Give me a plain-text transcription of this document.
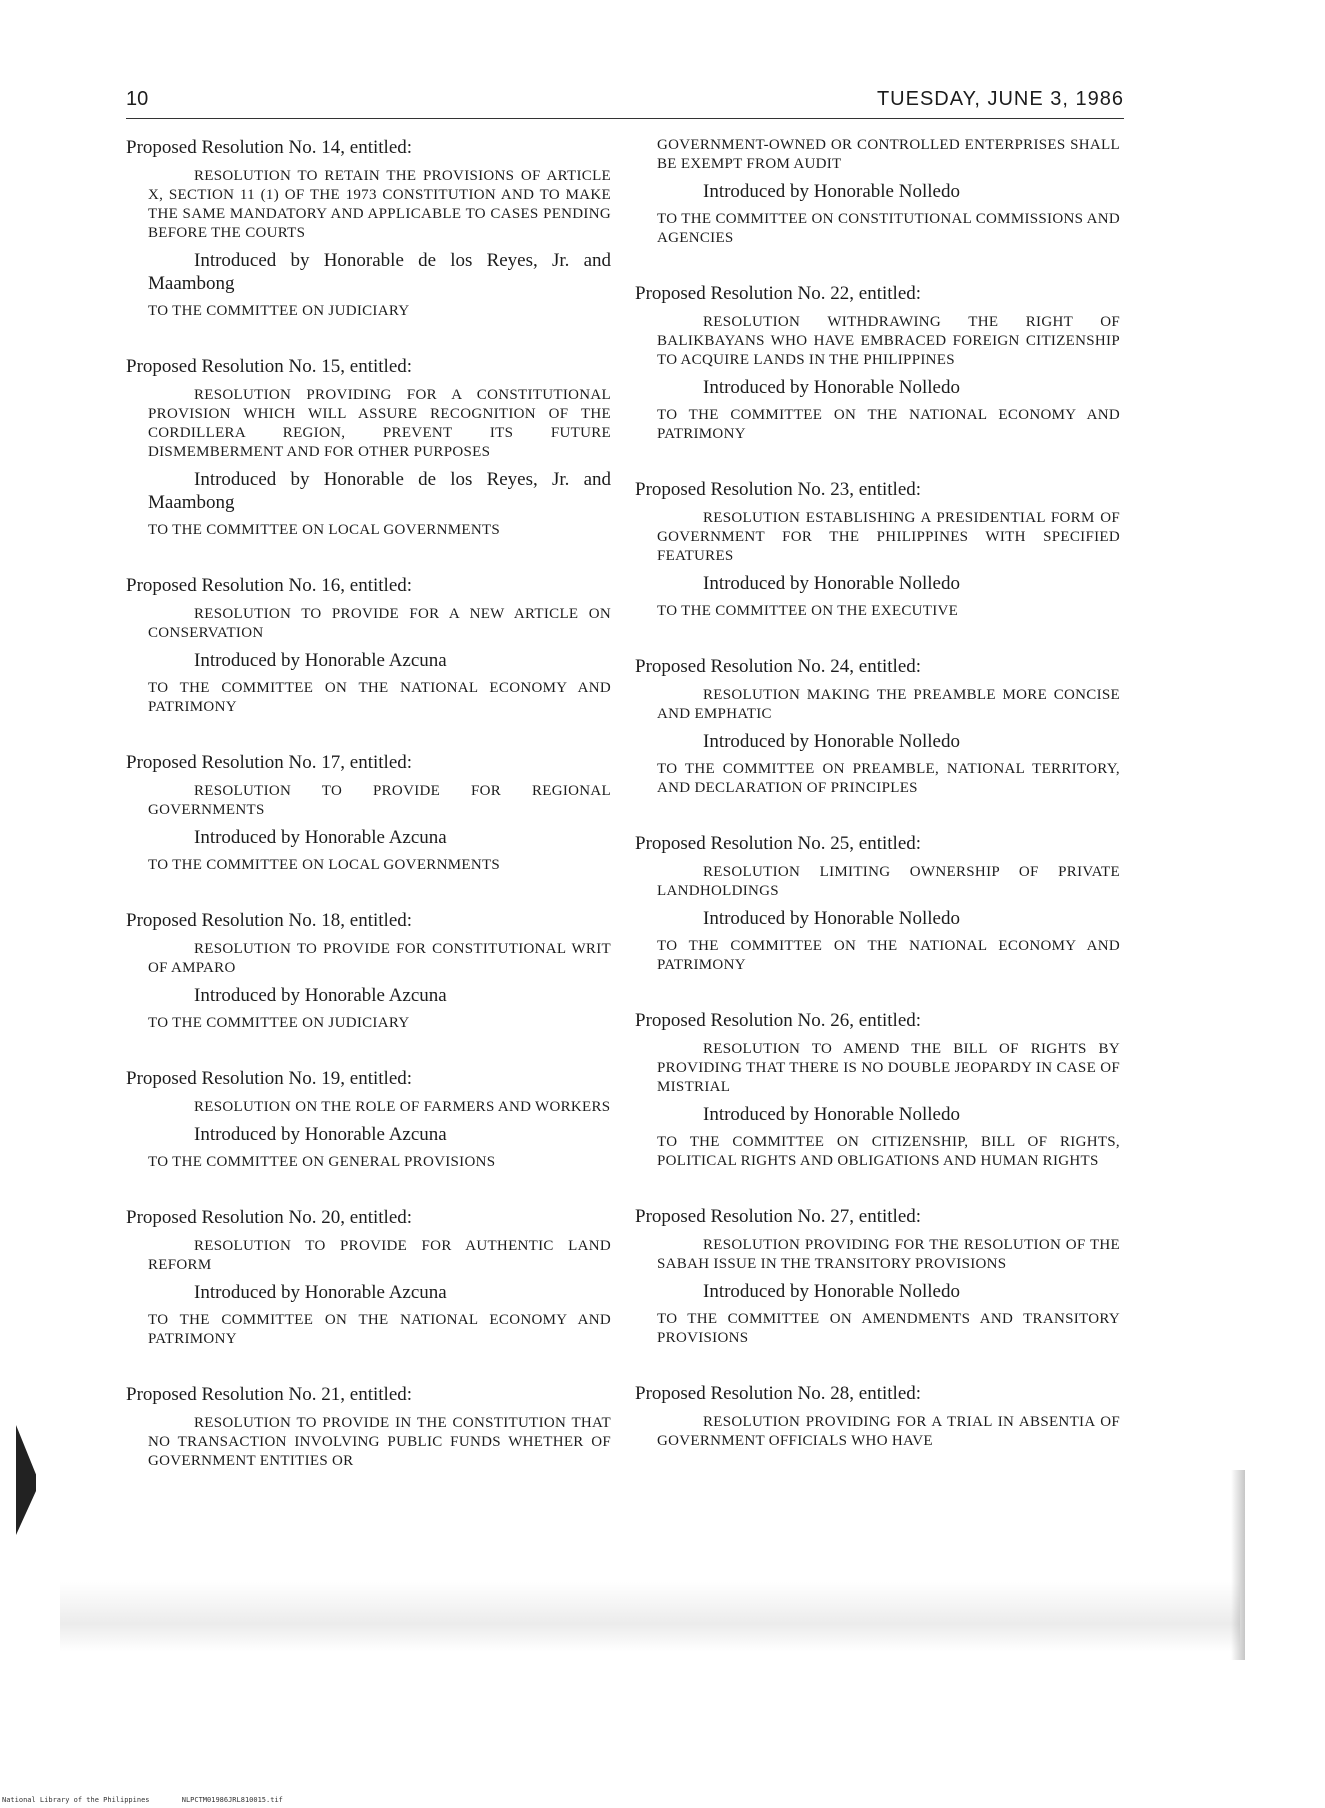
10	TUESDAY, JUNE 3, 1986

Proposed Resolution No. 14, entitled:

RESOLUTION TO RETAIN THE PROVISIONS OF ARTICLE X, SECTION 11 (1) OF THE 1973 CONSTITUTION AND TO MAKE THE SAME MANDATORY AND APPLICABLE TO CASES PENDING BEFORE THE COURTS

Introduced by Honorable de los Reyes, Jr. and Maambong

TO THE COMMITTEE ON JUDICIARY

Proposed Resolution No. 15, entitled:

RESOLUTION PROVIDING FOR A CONSTITUTIONAL PROVISION WHICH WILL ASSURE RECOGNITION OF THE CORDILLERA REGION, PREVENT ITS FUTURE DISMEMBERMENT AND FOR OTHER PURPOSES

Introduced by Honorable de los Reyes, Jr. and Maambong

TO THE COMMITTEE ON LOCAL GOVERNMENTS

Proposed Resolution No. 16, entitled:

RESOLUTION TO PROVIDE FOR A NEW ARTICLE ON CONSERVATION

Introduced by Honorable Azcuna

TO THE COMMITTEE ON THE NATIONAL ECONOMY AND PATRIMONY

Proposed Resolution No. 17, entitled:

RESOLUTION TO PROVIDE FOR REGIONAL GOVERNMENTS

Introduced by Honorable Azcuna

TO THE COMMITTEE ON LOCAL GOVERNMENTS

Proposed Resolution No. 18, entitled:

RESOLUTION TO PROVIDE FOR CONSTITUTIONAL WRIT OF AMPARO

Introduced by Honorable Azcuna

TO THE COMMITTEE ON JUDICIARY

Proposed Resolution No. 19, entitled:

RESOLUTION ON THE ROLE OF FARMERS AND WORKERS

Introduced by Honorable Azcuna

TO THE COMMITTEE ON GENERAL PROVISIONS

Proposed Resolution No. 20, entitled:

RESOLUTION TO PROVIDE FOR AUTHENTIC LAND REFORM

Introduced by Honorable Azcuna

TO THE COMMITTEE ON THE NATIONAL ECONOMY AND PATRIMONY

Proposed Resolution No. 21, entitled:

RESOLUTION TO PROVIDE IN THE CONSTITUTION THAT NO TRANSACTION INVOLVING PUBLIC FUNDS WHETHER OF GOVERNMENT ENTITIES OR

GOVERNMENT-OWNED OR CONTROLLED ENTERPRISES SHALL BE EXEMPT FROM AUDIT

Introduced by Honorable Nolledo

TO THE COMMITTEE ON CONSTITUTIONAL COMMISSIONS AND AGENCIES

Proposed Resolution No. 22, entitled:

RESOLUTION WITHDRAWING THE RIGHT OF BALIKBAYANS WHO HAVE EMBRACED FOREIGN CITIZENSHIP TO ACQUIRE LANDS IN THE PHILIPPINES

Introduced by Honorable Nolledo

TO THE COMMITTEE ON THE NATIONAL ECONOMY AND PATRIMONY

Proposed Resolution No. 23, entitled:

RESOLUTION ESTABLISHING A PRESIDENTIAL FORM OF GOVERNMENT FOR THE PHILIPPINES WITH SPECIFIED FEATURES

Introduced by Honorable Nolledo

TO THE COMMITTEE ON THE EXECUTIVE

Proposed Resolution No. 24, entitled:

RESOLUTION MAKING THE PREAMBLE MORE CONCISE AND EMPHATIC

Introduced by Honorable Nolledo

TO THE COMMITTEE ON PREAMBLE, NATIONAL TERRITORY, AND DECLARATION OF PRINCIPLES

Proposed Resolution No. 25, entitled:

RESOLUTION LIMITING OWNERSHIP OF PRIVATE LANDHOLDINGS

Introduced by Honorable Nolledo

TO THE COMMITTEE ON THE NATIONAL ECONOMY AND PATRIMONY

Proposed Resolution No. 26, entitled:

RESOLUTION TO AMEND THE BILL OF RIGHTS BY PROVIDING THAT THERE IS NO DOUBLE JEOPARDY IN CASE OF MISTRIAL

Introduced by Honorable Nolledo

TO THE COMMITTEE ON CITIZENSHIP, BILL OF RIGHTS, POLITICAL RIGHTS AND OBLIGATIONS AND HUMAN RIGHTS

Proposed Resolution No. 27, entitled:

RESOLUTION PROVIDING FOR THE RESOLUTION OF THE SABAH ISSUE IN THE TRANSITORY PROVISIONS

Introduced by Honorable Nolledo

TO THE COMMITTEE ON AMENDMENTS AND TRANSITORY PROVISIONS

Proposed Resolution No. 28, entitled:

RESOLUTION PROVIDING FOR A TRIAL IN ABSENTIA OF GOVERNMENT OFFICIALS WHO HAVE

National Library of the Philippines	NLPCTM01986JRL810015.tif
